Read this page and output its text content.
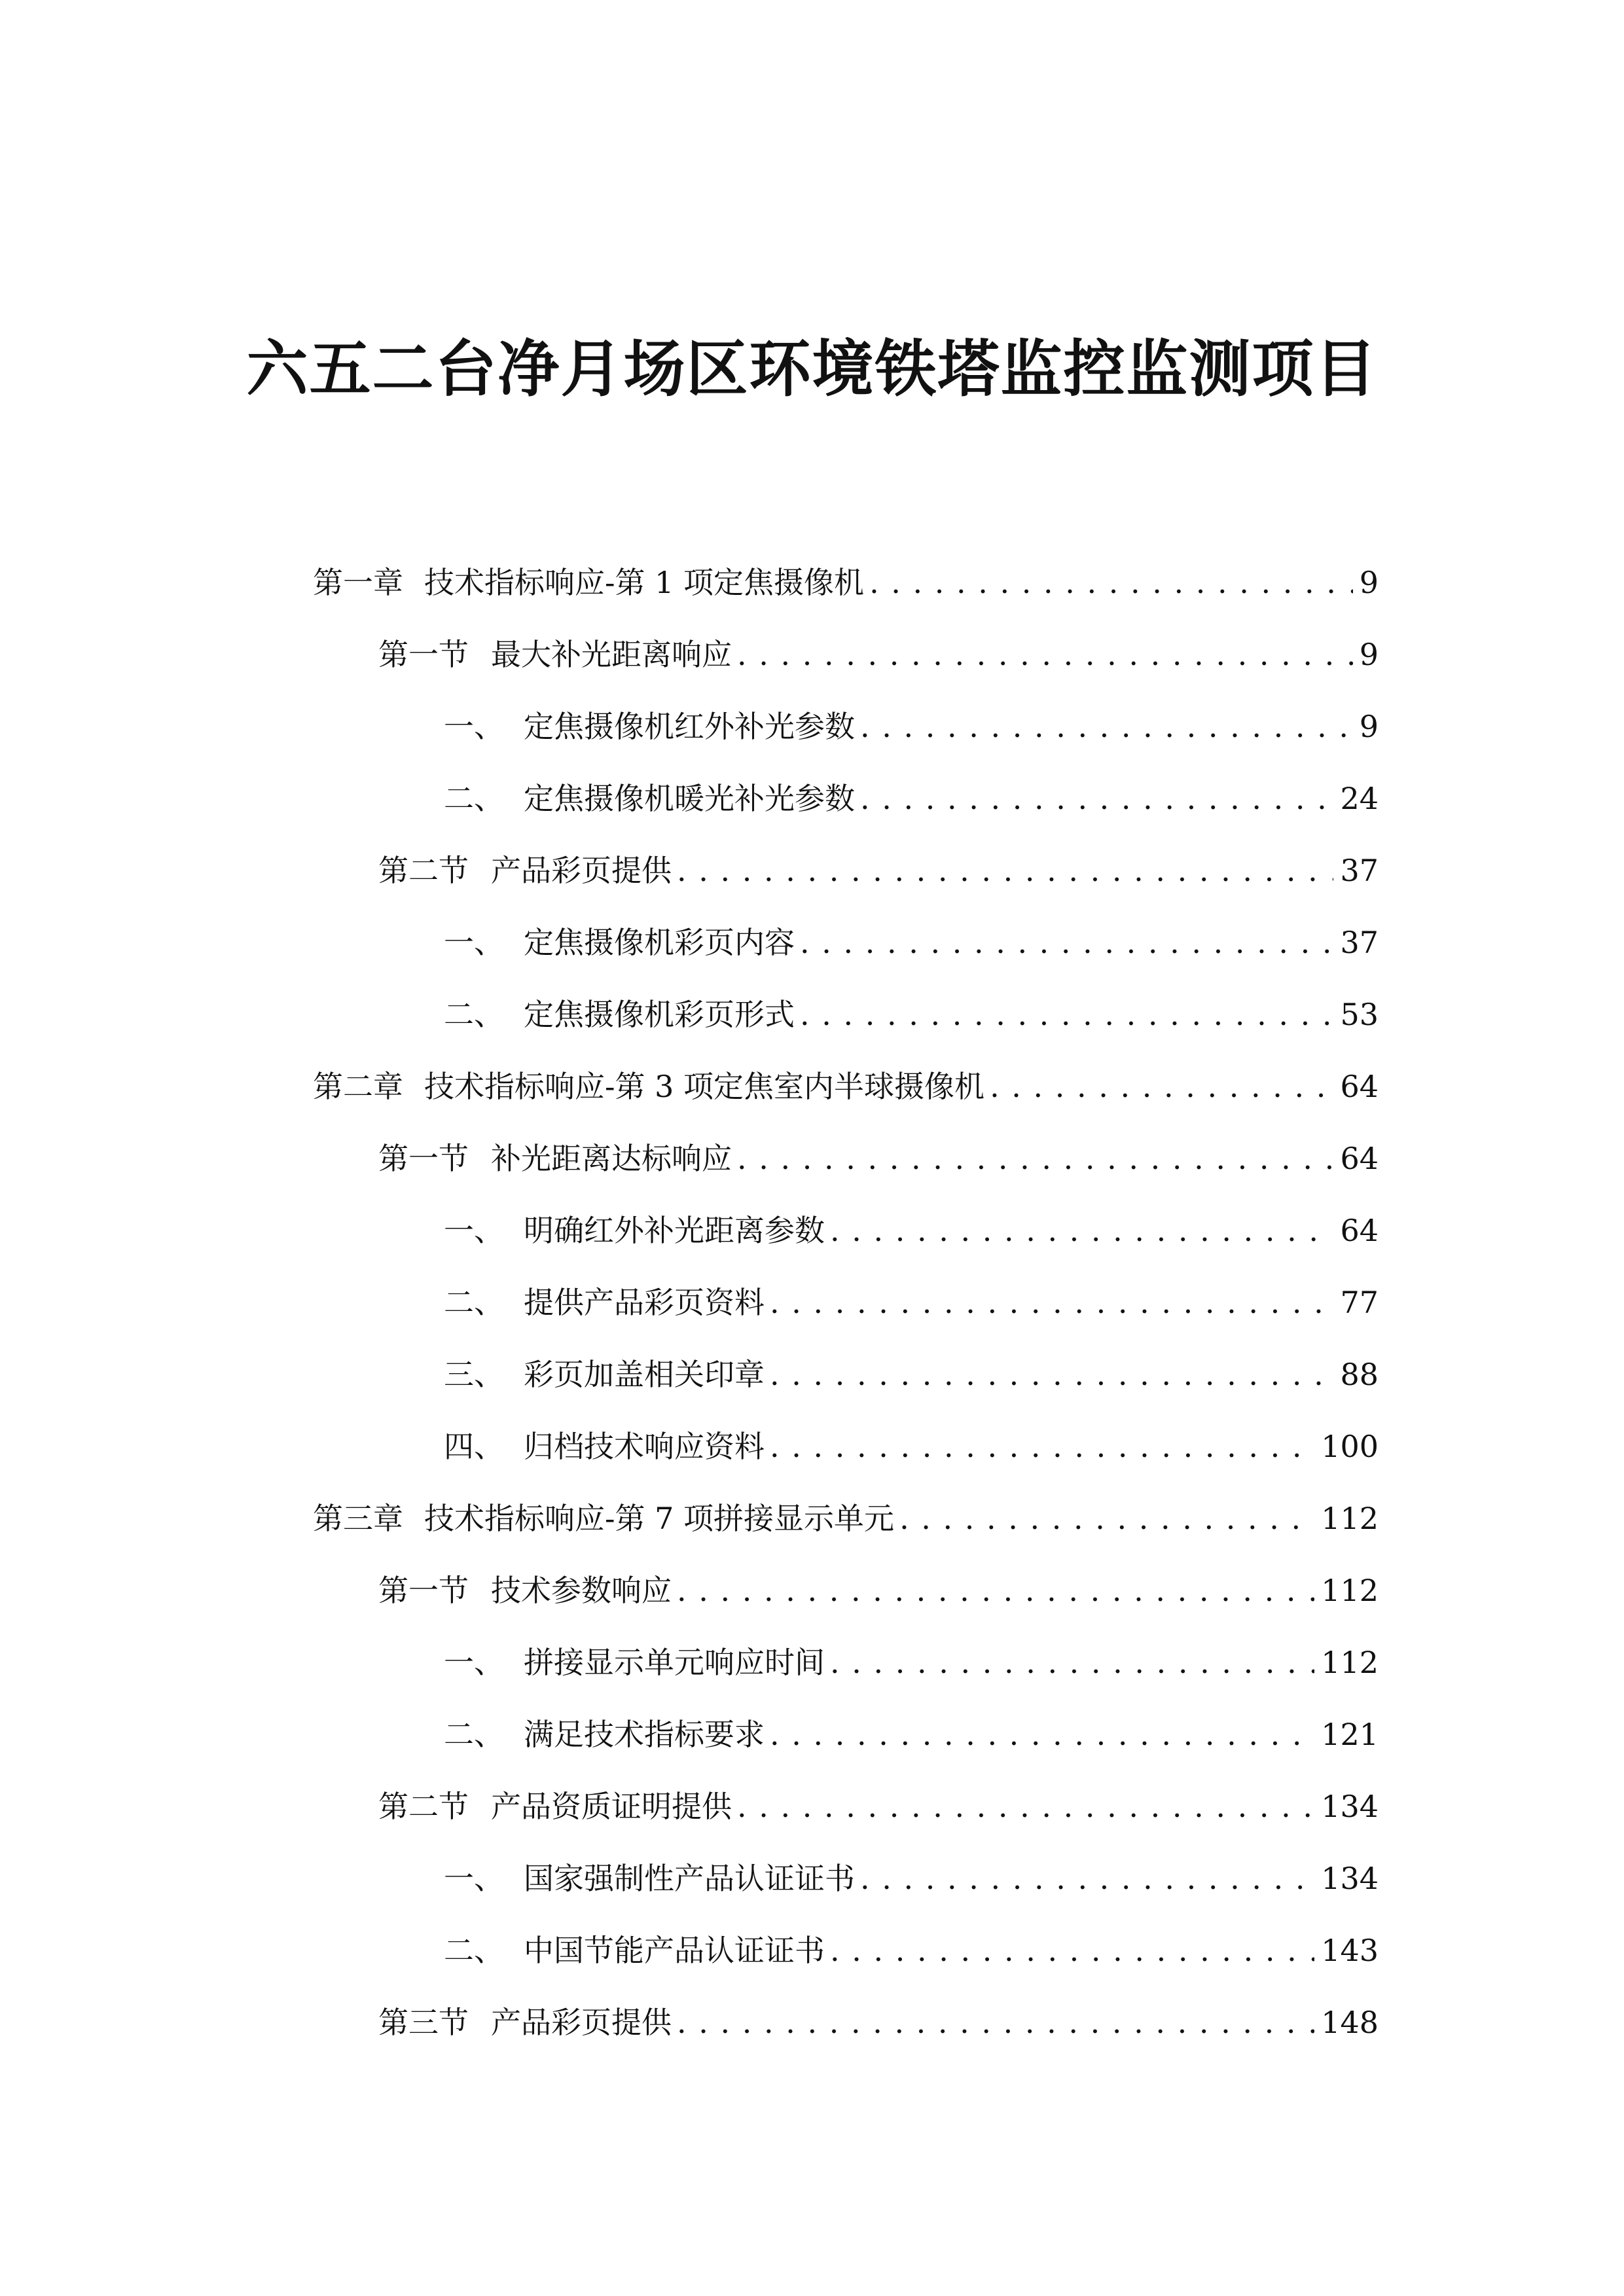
六五二台净月场区环境铁塔监控监测项目
第一章 技术指标响应-第 1 项定焦摄像机 . . .	9
第一节 最大补光距离响应 . . .	9
一、 定焦摄像机红外补光参数 . . .	9
二、 定焦摄像机暖光补光参数 . . .	24
第二节 产品彩页提供 . . .	37
一、 定焦摄像机彩页内容 . . .	37
二、 定焦摄像机彩页形式 . . .	53
第二章 技术指标响应-第 3 项定焦室内半球摄像机 . . .	64
第一节 补光距离达标响应 . . .	64
一、 明确红外补光距离参数 . . .	64
二、 提供产品彩页资料 . . .	77
三、 彩页加盖相关印章 . . .	88
四、 归档技术响应资料 . . .	100
第三章 技术指标响应-第 7 项拼接显示单元 . . .	112
第一节 技术参数响应 . . .	112
一、 拼接显示单元响应时间 . . .	112
二、 满足技术指标要求 . . .	121
第二节 产品资质证明提供 . . .	134
一、 国家强制性产品认证证书 . . .	134
二、 中国节能产品认证证书 . . .	143
第三节 产品彩页提供 . . .	148
